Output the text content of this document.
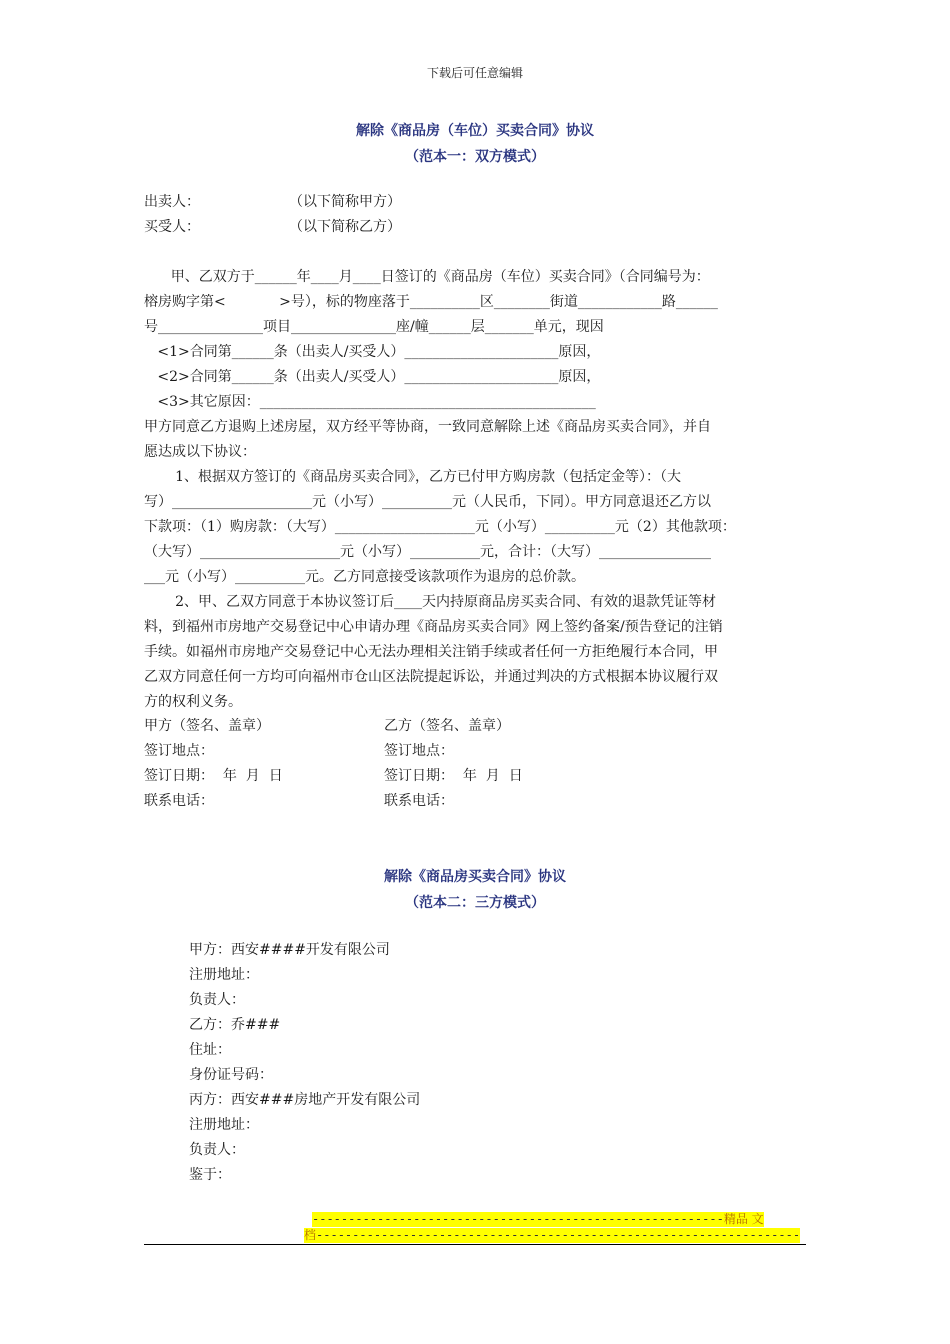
下载后可任意编辑
解除《商品房（车位）买卖合同》协议
（范本一：双方模式）
出卖人：                    （以下简称甲方）
买受人：                    （以下简称乙方）
甲、乙双方于______年____月____日签订的《商品房（车位）买卖合同》（合同编号为：
榕房购字第<            >号），标的物座落于__________区________街道____________路______
号_______________项目_______________座/幢______层_______单元，现因
<1>合同第______条（出卖人/买受人）______________________原因，
<2>合同第______条（出卖人/买受人）______________________原因，
<3>其它原因：________________________________________________
甲方同意乙方退购上述房屋，双方经平等协商，一致同意解除上述《商品房买卖合同》，并自
愿达成以下协议：
1、根据双方签订的《商品房买卖合同》，乙方已付甲方购房款（包括定金等）：（大
写）____________________元（小写）__________元（人民币，下同）。甲方同意退还乙方以
下款项：（1）购房款：（大写）____________________元（小写）__________元（2）其他款项：
（大写）____________________元（小写）__________元，合计：（大写）________________
___元（小写）__________元。乙方同意接受该款项作为退房的总价款。
2、甲、乙双方同意于本协议签订后____天内持原商品房买卖合同、有效的退款凭证等材
料，到福州市房地产交易登记中心申请办理《商品房买卖合同》网上签约备案/预告登记的注销
手续。如福州市房地产交易登记中心无法办理相关注销手续或者任何一方拒绝履行本合同，甲
乙双方同意任何一方均可向福州市仓山区法院提起诉讼，并通过判决的方式根据本协议履行双
方的权利义务。
甲方（签名、盖章）
签订地点：
签订日期：  年  月  日
联系电话：
乙方（签名、盖章）
签订地点：
签订日期：  年  月  日
联系电话：
解除《商品房买卖合同》协议
（范本二：三方模式）
甲方：西安####开发有限公司
注册地址：
负责人：
乙方：乔###
住址：
身份证号码：
丙方：西安###房地产开发有限公司
注册地址：
负责人：
鉴于：
---------------------------------------------------------精品 文
档-------------------------------------------------------------------
